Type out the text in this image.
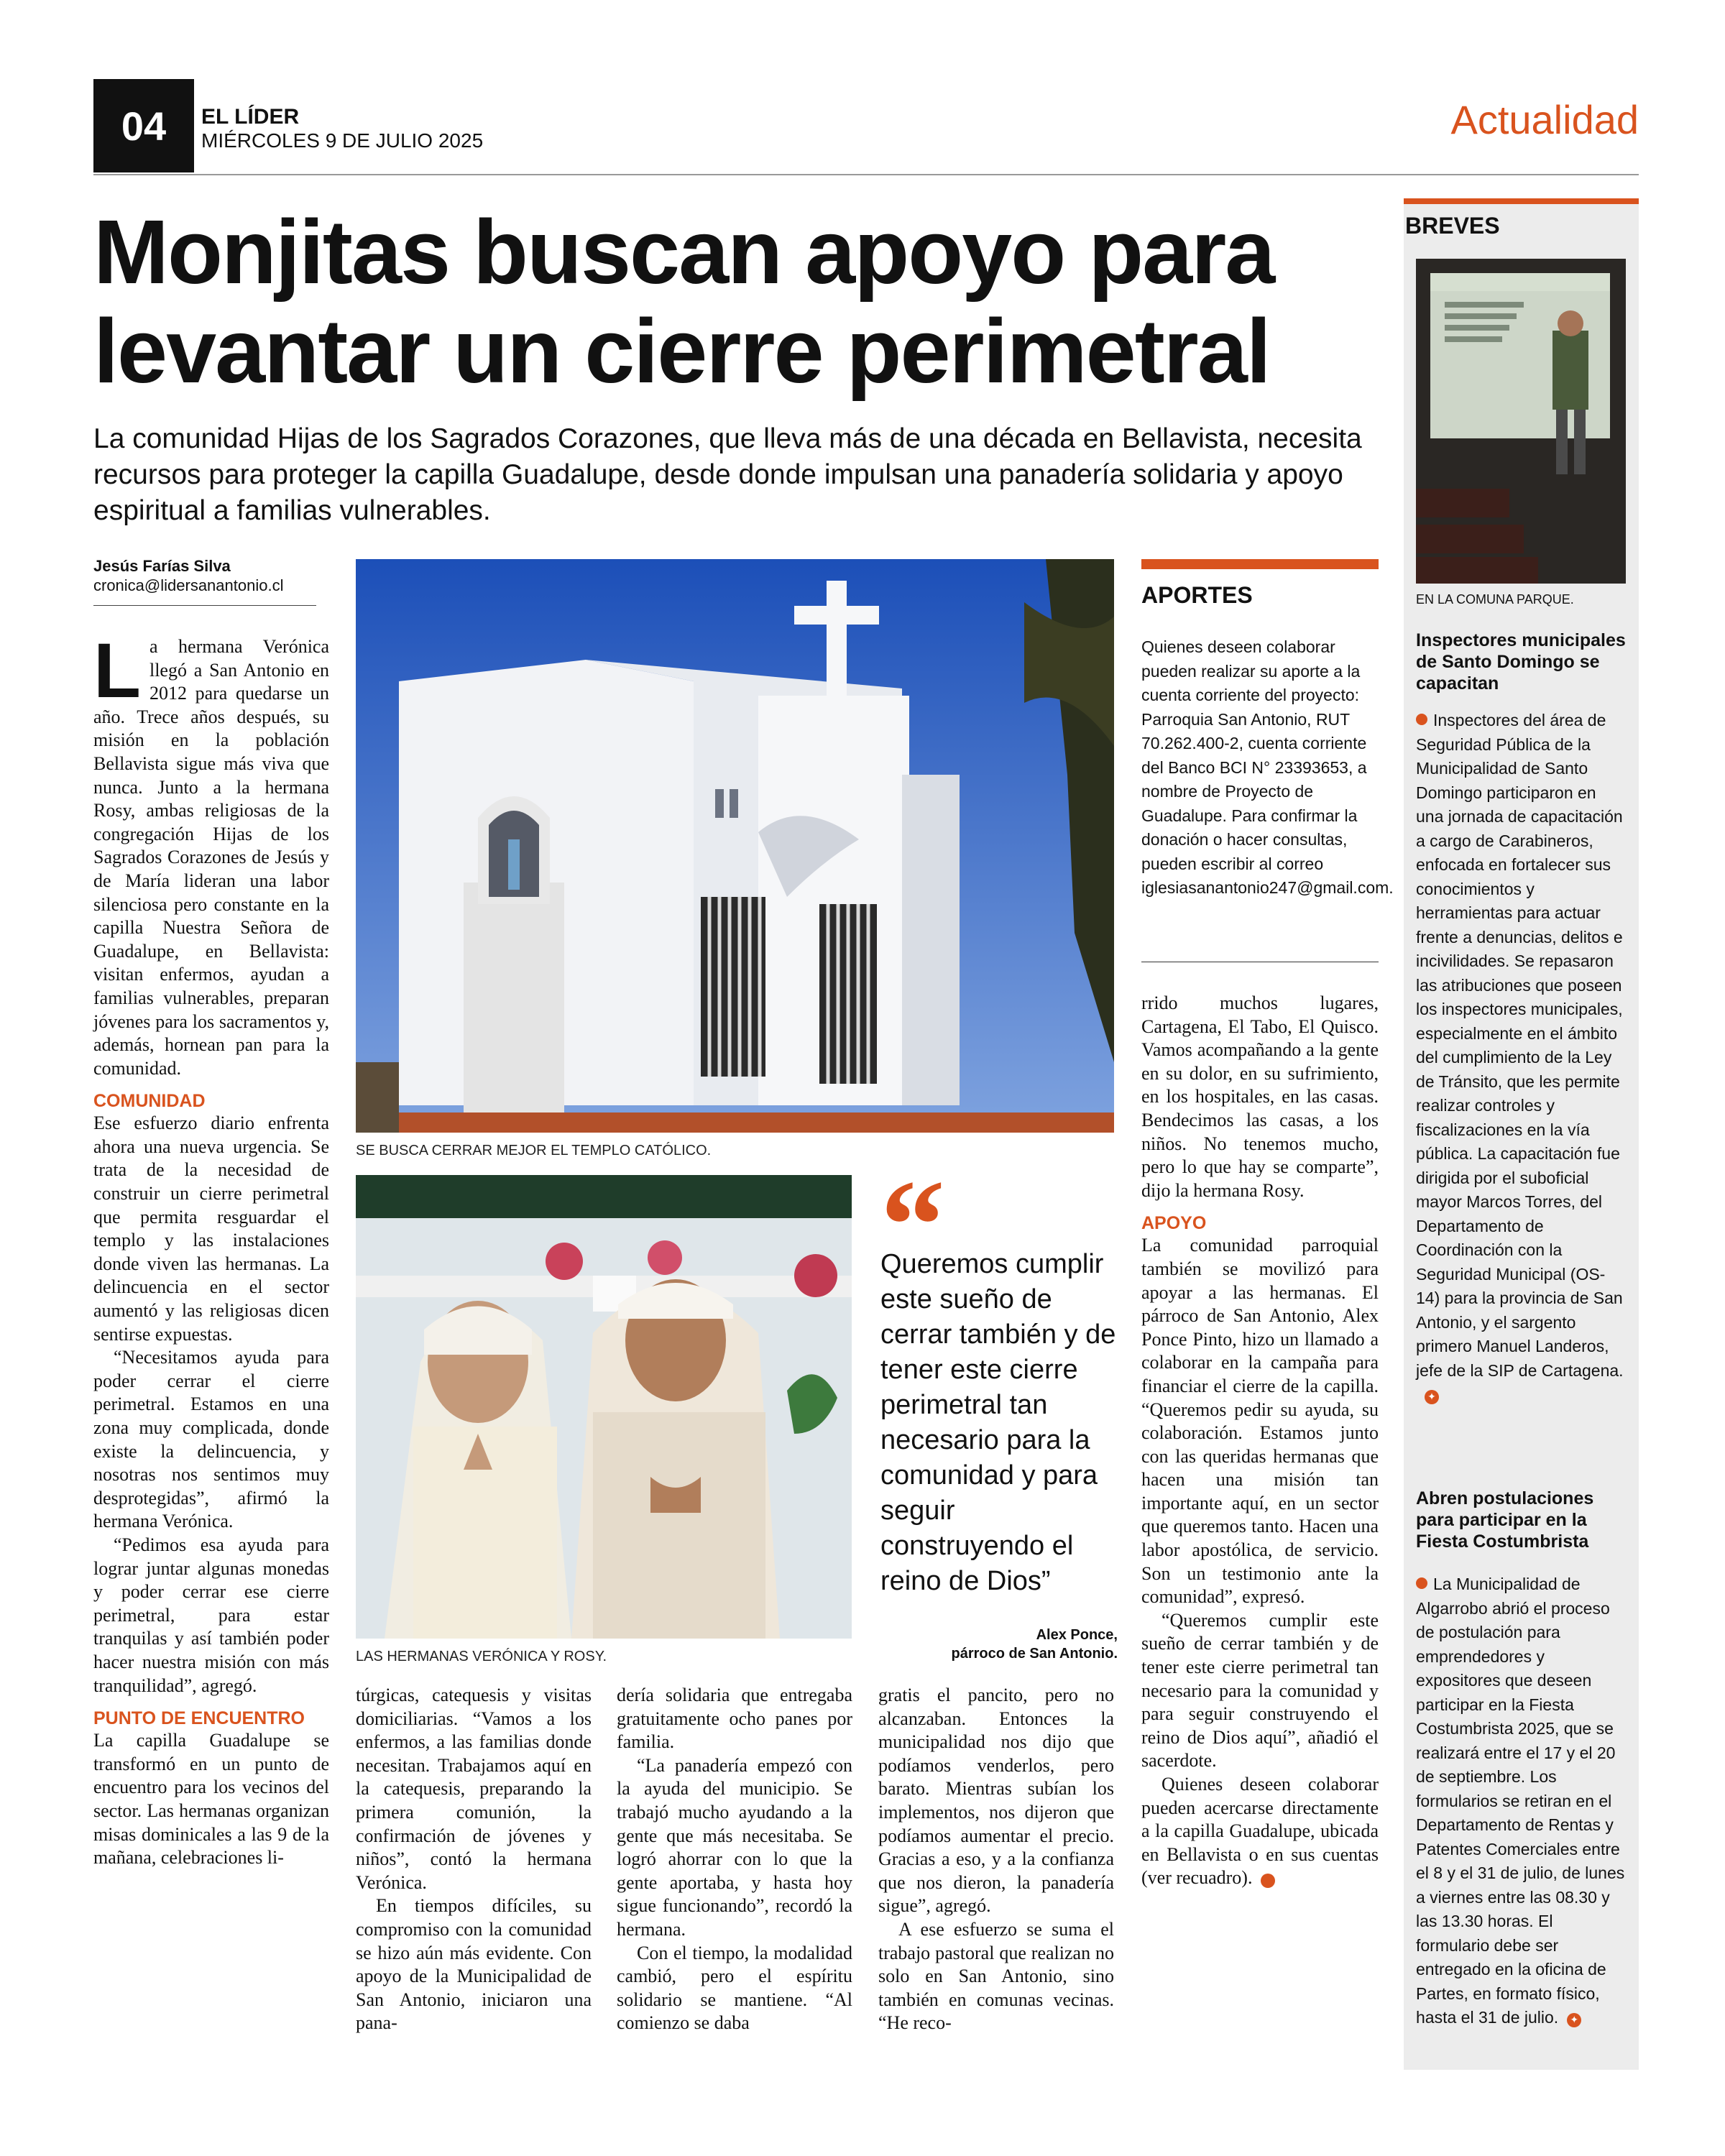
04	EL LÍDER
MIÉRCOLES 9 DE JULIO 2025	Actualidad
Monjitas buscan apoyo para levantar un cierre perimetral

La comunidad Hijas de los Sagrados Corazones, que lleva más de una década en Bellavista, necesita recursos para proteger la capilla Guadalupe, desde donde impulsan una panadería solidaria y apoyo espiritual a familias vulnerables.

Jesús Farías Silva
cronica@lidersanantonio.cl

La hermana Verónica llegó a San Antonio en 2012 para quedarse un año. Trece años después, su misión en la población Bellavista sigue más viva que nunca. Junto a la hermana Rosy, ambas religiosas de la congregación Hijas de los Sagrados Corazones de Jesús y de María lideran una labor silenciosa pero constante en la capilla Nuestra Señora de Guadalupe, en Bellavista: visitan enfermos, ayudan a familias vulnerables, preparan jóvenes para los sacramentos y, además, hornean pan para la comunidad.

COMUNIDAD

Ese esfuerzo diario enfrenta ahora una nueva urgencia. Se trata de la necesidad de construir un cierre perimetral que permita resguardar el templo y las instalaciones donde viven las hermanas. La delincuencia en el sector aumentó y las religiosas dicen sentirse expuestas.

“Necesitamos ayuda para poder cerrar el cierre perimetral. Estamos en una zona muy complicada, donde existe la delincuencia, y nosotras nos sentimos muy desprotegidas”, afirmó la hermana Verónica.

“Pedimos esa ayuda para lograr juntar algunas monedas y poder cerrar ese cierre perimetral, para estar tranquilas y así también poder hacer nuestra misión con más tranquilidad”, agregó.

PUNTO DE ENCUENTRO

La capilla Guadalupe se transformó en un punto de encuentro para los vecinos del sector. Las hermanas organizan misas dominicales a las 9 de la mañana, celebraciones li-

SE BUSCA CERRAR MEJOR EL TEMPLO CATÓLICO.
LAS HERMANAS VERÓNICA Y ROSY.

túrgicas, catequesis y visitas domiciliarias. “Vamos a los enfermos, a las familias donde necesitan. Trabajamos aquí en la catequesis, preparando la primera comunión, la confirmación de jóvenes y niños”, contó la hermana Verónica.

En tiempos difíciles, su compromiso con la comunidad se hizo aún más evidente. Con apoyo de la Municipalidad de San Antonio, iniciaron una pana-

dería solidaria que entregaba gratuitamente ocho panes por familia.

“La panadería empezó con la ayuda del municipio. Se trabajó mucho ayudando a la gente que más necesitaba. Se logró ahorrar con lo que la gente aportaba, y hasta hoy sigue funcionando”, recordó la hermana.

Con el tiempo, la modalidad cambió, pero el espíritu solidario se mantiene. “Al comienzo se daba

“
Queremos cumplir este sueño de cerrar también y de tener este cierre perimetral tan necesario para la comunidad y para seguir construyendo el reino de Dios”
Alex Ponce,
párroco de San Antonio.

gratis el pancito, pero no alcanzaban. Entonces la municipalidad nos dijo que podíamos venderlos, pero barato. Mientras subían los implementos, nos dijeron que podíamos aumentar el precio. Gracias a eso, y a la confianza que nos dieron, la panadería sigue”, agregó.

A ese esfuerzo se suma el trabajo pastoral que realizan no solo en San Antonio, sino también en comunas vecinas. “He reco-

APORTES
Quienes deseen colaborar pueden realizar su aporte a la cuenta corriente del proyecto: Parroquia San Antonio, RUT 70.262.400-2, cuenta corriente del Banco BCI N° 23393653, a nombre de Proyecto de Guadalupe. Para confirmar la donación o hacer consultas, pueden escribir al correo iglesiasanantonio247@gmail.com.

rrido muchos lugares, Cartagena, El Tabo, El Quisco. Vamos acompañando a la gente en su dolor, en su sufrimiento, en los hospitales, en las casas. Bendecimos las casas, a los niños. No tenemos mucho, pero lo que hay se comparte”, dijo la hermana Rosy.

APOYO

La comunidad parroquial también se movilizó para apoyar a las hermanas. El párroco de San Antonio, Alex Ponce Pinto, hizo un llamado a colaborar en la campaña para financiar el cierre de la capilla. “Queremos pedir su ayuda, su colaboración. Estamos junto con las queridas hermanas que hacen una misión tan importante aquí, en un sector que queremos tanto. Hacen una labor apostólica, de servicio. Son un testimonio ante la comunidad”, expresó.

“Queremos cumplir este sueño de cerrar también y de tener este cierre perimetral tan necesario para la comunidad y para seguir construyendo el reino de Dios aquí”, añadió el sacerdote.

Quienes deseen colaborar pueden acercarse directamente a la capilla Guadalupe, ubicada en Bellavista o en sus cuentas (ver recuadro).	✦

BREVES
EN LA COMUNA PARQUE.
Inspectores municipales de Santo Domingo se capacitan
Inspectores del área de Seguridad Pública de la Municipalidad de Santo Domingo participaron en una jornada de capacitación a cargo de Carabineros, enfocada en fortalecer sus conocimientos y herramientas para actuar frente a denuncias, delitos e incivilidades. Se repasaron las atribuciones que poseen los inspectores municipales, especialmente en el ámbito del cumplimiento de la Ley de Tránsito, que les permite realizar controles y fiscalizaciones en la vía pública. La capacitación fue dirigida por el suboficial mayor Marcos Torres, del Departamento de Coordinación con la Seguridad Municipal (OS-14) para la provincia de San Antonio, y el sargento primero Manuel Landeros, jefe de la SIP de Cartagena.✦
Abren postulaciones para participar en la Fiesta Costumbrista
La Municipalidad de Algarrobo abrió el proceso de postulación para emprendedores y expositores que deseen participar en la Fiesta Costumbrista 2025, que se realizará entre el 17 y el 20 de septiembre. Los formularios se retiran en el Departamento de Rentas y Patentes Comerciales entre el 8 y el 31 de julio, de lunes a viernes entre las 08.30 y las 13.30 horas. El formulario debe ser entregado en la oficina de Partes, en formato físico, hasta el 31 de julio. ✦
